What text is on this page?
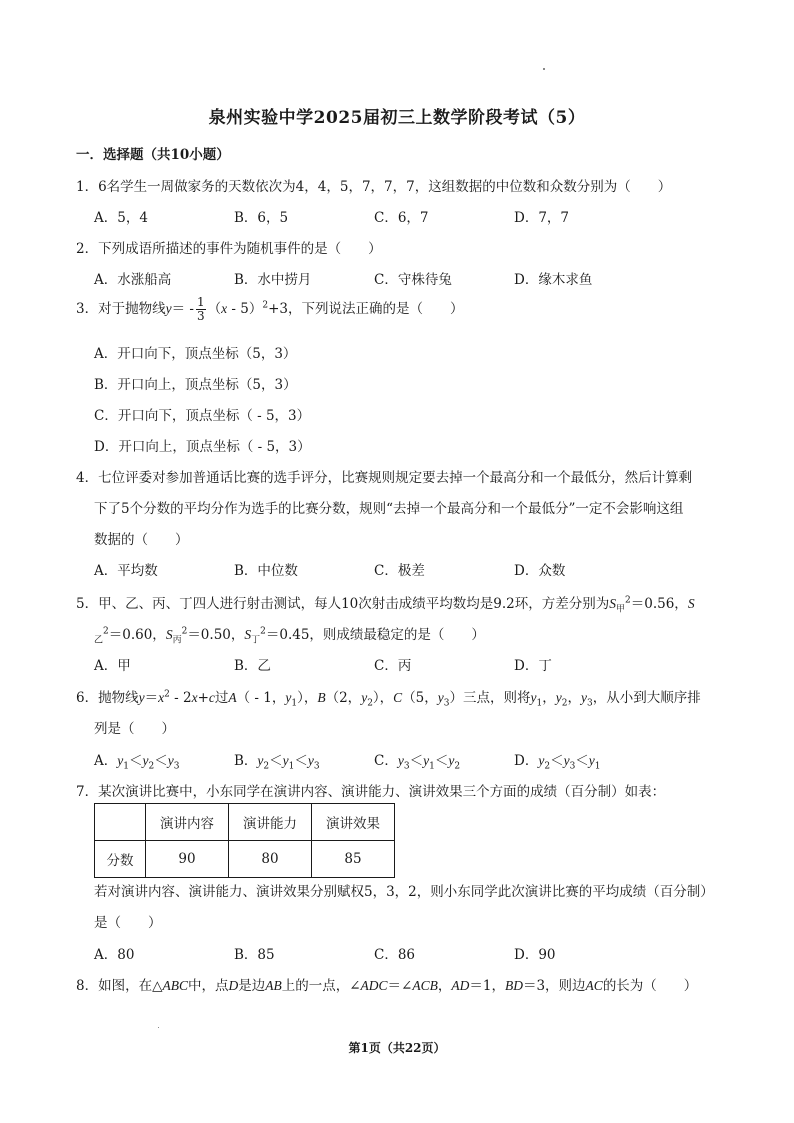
泉州实验中学2025届初三上数学阶段考试（5）
一．选择题（共10小题）
1．6名学生一周做家务的天数依次为4，4，5，7，7，7，这组数据的中位数和众数分别为（　　）
A．5，4	B．6，5	C．6，7	D．7，7
2．下列成语所描述的事件为随机事件的是（　　）
A．水涨船高	B．水中捞月	C．守株待兔	D．缘木求鱼
3．对于抛物线$y= - \frac{1}{3} (x - 5)^2+3$，下列说法正确的是（　　）
A．开口向下，顶点坐标（5，3）
B．开口向上，顶点坐标（5，3）
C．开口向下，顶点坐标（ - 5，3）
D．开口向上，顶点坐标（ - 5，3）
4．七位评委对参加普通话比赛的选手评分，比赛规则规定要去掉一个最高分和一个最低分，然后计算剩
下了5个分数的平均分作为选手的比赛分数，规则“去掉一个最高分和一个最低分”一定不会影响这组
数据的（　　）
A．平均数	B．中位数	C．极差	D．众数
5．甲、乙、丙、丁四人进行射击测试，每人10次射击成绩平均数均是9.2环，方差分别为$S_甲^2=0.56$，S
$_乙^2$＝0.60，$S_丙^2=0.50$，$S_丁^2=0.45$，则成绩最稳定的是（　　）
A．甲	B．乙	C．丙	D．丁
6．抛物线$y=x^2 - 2x+c$过A（ - 1，$y_1$），B（2，$y_2$），C（5，$y_3$）三点，则将$y_1$，$y_2$，$y_3$，从小到大顺序排
列是（　　）
A．$y_1<y_2<y_3$	B．$y_2<y_1<y_3$	C．$y_3<y_1<y_2$	D．$y_2<y_3<y_1$
7．某次演讲比赛中，小东同学在演讲内容、演讲能力、演讲效果三个方面的成绩（百分制）如表：
	演讲内容	演讲能力	演讲效果
分数	90	80	85
若对演讲内容、演讲能力、演讲效果分别赋权5，3，2，则小东同学此次演讲比赛的平均成绩（百分制）
是（　　）
A．80	B．85	C．86	D．90
8．如图，在△ABC中，点D是边AB上的一点，∠ADC＝∠ACB，AD＝1，BD＝3，则边AC的长为（　　）
第1页（共22页）
